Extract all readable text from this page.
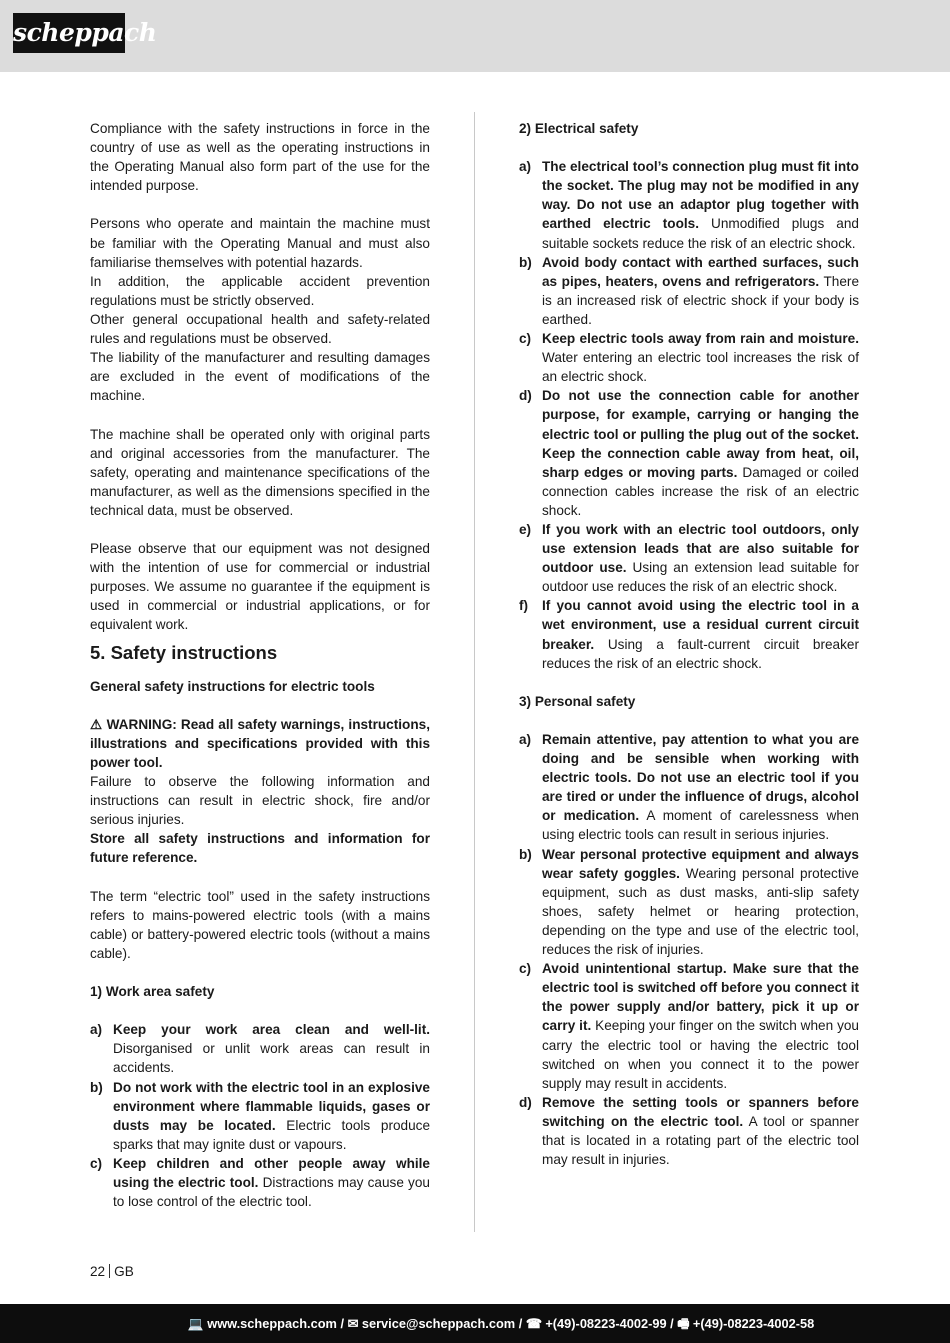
scheppach

Compliance with the safety instructions in force in the country of use as well as the operating instructions in the Operating Manual also form part of the use for the intended purpose.

Persons who operate and maintain the machine must be familiar with the Operating Manual and must also familiarise themselves with potential hazards.

In addition, the applicable accident prevention regulations must be strictly observed.

Other general occupational health and safety-related rules and regulations must be observed.

The liability of the manufacturer and resulting damages are excluded in the event of modifications of the machine.

The machine shall be operated only with original parts and original accessories from the manufacturer. The safety, operating and maintenance specifications of the manufacturer, as well as the dimensions specified in the technical data, must be observed.

Please observe that our equipment was not designed with the intention of use for commercial or industrial purposes. We assume no guarantee if the equipment is used in commercial or industrial applications, or for equivalent work.

5. Safety instructions

General safety instructions for electric tools

⚠ WARNING: Read all safety warnings, instructions, illustrations and specifications provided with this power tool.

Failure to observe the following information and instructions can result in electric shock, fire and/or serious injuries.

Store all safety instructions and information for future reference.

The term “electric tool” used in the safety instructions refers to mains-powered electric tools (with a mains cable) or battery-powered electric tools (without a mains cable).

1) Work area safety

a) Keep your work area clean and well-lit. Disorganised or unlit work areas can result in accidents.
b) Do not work with the electric tool in an explosive environment where flammable liquids, gases or dusts may be located. Electric tools produce sparks that may ignite dust or vapours.
c) Keep children and other people away while using the electric tool. Distractions may cause you to lose control of the electric tool.

2) Electrical safety

a) The electrical tool’s connection plug must fit into the socket. The plug may not be modified in any way. Do not use an adaptor plug together with earthed electric tools. Unmodified plugs and suitable sockets reduce the risk of an electric shock.
b) Avoid body contact with earthed surfaces, such as pipes, heaters, ovens and refrigerators. There is an increased risk of electric shock if your body is earthed.
c) Keep electric tools away from rain and moisture. Water entering an electric tool increases the risk of an electric shock.
d) Do not use the connection cable for another purpose, for example, carrying or hanging the electric tool or pulling the plug out of the socket. Keep the connection cable away from heat, oil, sharp edges or moving parts. Damaged or coiled connection cables increase the risk of an electric shock.
e) If you work with an electric tool outdoors, only use extension leads that are also suitable for outdoor use. Using an extension lead suitable for outdoor use reduces the risk of an electric shock.
f)	If you cannot avoid using the electric tool in a wet environment, use a residual current circuit breaker. Using a fault-current circuit breaker reduces the risk of an electric shock.

3) Personal safety

a) Remain attentive, pay attention to what you are doing and be sensible when working with electric tools. Do not use an electric tool if you are tired or under the influence of drugs, alcohol or medication. A moment of carelessness when using electric tools can result in serious injuries.
b) Wear personal protective equipment and always wear safety goggles. Wearing personal protective equipment, such as dust masks, anti-slip safety shoes, safety helmet or hearing protection, depending on the type and use of the electric tool, reduces the risk of injuries.
c) Avoid unintentional startup. Make sure that the electric tool is switched off before you connect it the power supply and/or battery, pick it up or carry it. Keeping your finger on the switch when you carry the electric tool or having the electric tool switched on when you connect it to the power supply may result in accidents.
d) Remove the setting tools or spanners before switching on the electric tool. A tool or spanner that is located in a rotating part of the electric tool may result in injuries.
22 GB
💻 www.scheppach.com / ✉ service@scheppach.com / ☎ +(49)-08223-4002-99 / 🖷 +(49)-08223-4002-58
